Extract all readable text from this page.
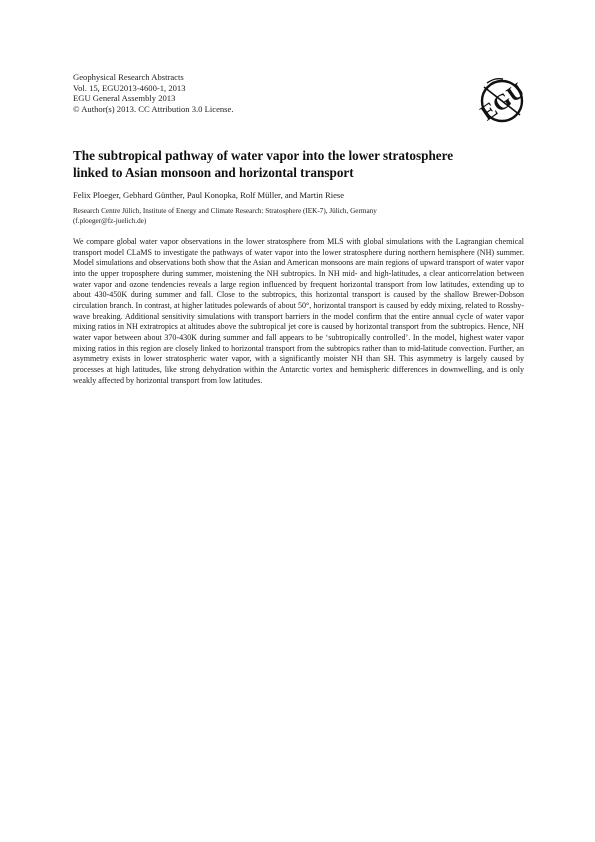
Geophysical Research Abstracts
Vol. 15, EGU2013-4600-1, 2013
EGU General Assembly 2013
© Author(s) 2013. CC Attribution 3.0 License.	EGU
The subtropical pathway of water vapor into the lower stratosphere
linked to Asian monsoon and horizontal transport
Felix Ploeger, Gebhard Günther, Paul Konopka, Rolf Müller, and Martin Riese
Research Centre Jülich, Institute of Energy and Climate Research: Stratosphere (IEK-7), Jülich, Germany
(f.ploeger@fz-juelich.de)

We compare global water vapor observations in the lower stratosphere from MLS with global simulations with the Lagrangian chemical transport model CLaMS to investigate the pathways of water vapor into the lower stratosphere during northern hemisphere (NH) summer. Model simulations and observations both show that the Asian and American monsoons are main regions of upward transport of water vapor into the upper troposphere during summer, moistening the NH subtropics. In NH mid- and high-latitudes, a clear anticorrelation between water vapor and ozone tendencies reveals a large region influenced by frequent horizontal transport from low latitudes, extending up to about 430-450K during summer and fall. Close to the subtropics, this horizontal transport is caused by the shallow Brewer-Dobson circulation branch. In contrast, at higher latitudes polewards of about 50°, horizontal transport is caused by eddy mixing, related to Rossby-wave breaking. Additional sensitivity simulations with transport barriers in the model confirm that the entire annual cycle of water vapor mixing ratios in NH extratropics at altitudes above the subtropical jet core is caused by horizontal transport from the subtropics. Hence, NH water vapor between about 370-430K during summer and fall appears to be ‘subtropically controlled’. In the model, highest water vapor mixing ratios in this region are closely linked to horizontal transport from the subtropics rather than to mid-latitude convection. Further, an asymmetry exists in lower stratospheric water vapor, with a significantly moister NH than SH. This asymmetry is largely caused by processes at high latitudes, like strong dehydration within the Antarctic vortex and hemispheric differences in downwelling, and is only weakly affected by horizontal transport from low latitudes.
